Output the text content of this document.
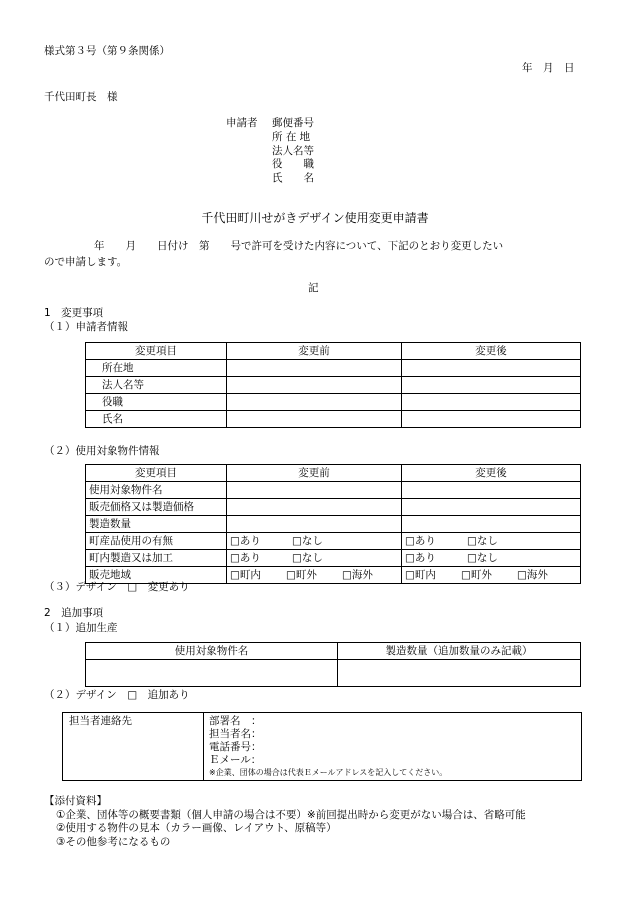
様式第３号（第９条関係）
年　月　日
千代田町長　様
申請者 郵便番号
所 在 地
法人名等
役　　職
氏　　名
千代田町川せがきデザイン使用変更申請書
年　　月　　日付け　第　　号で許可を受けた内容について、下記のとおり変更したい
ので申請します。
記
1　変更事項
（１）申請者情報
変更項目	変更前	変更後
所在地		
法人名等		
役職		
氏名		
（２）使用対象物件情報
変更項目	変更前	変更後
使用対象物件名		
販売価格又は製造価格		
製造数量		
町産品使用の有無	□あり □なし	□あり □なし
町内製造又は加工	□あり □なし	□あり □なし
販売地域	□町内 □町外 □海外	□町内 □町外 □海外
（３）デザイン　□　変更あり
2　追加事項
（１）追加生産
使用対象物件名	製造数量（追加数量のみ記載）

（２）デザイン　□　追加あり
担当者連絡先	部署名　：
担当者名：
電話番号：
Ｅメール：
※企業、団体の場合は代表Ｅメールアドレスを記入してください。
【添付資料】
①企業、団体等の概要書類（個人申請の場合は不要）※前回提出時から変更がない場合は、省略可能
②使用する物件の見本（カラー画像、レイアウト、原稿等）
③その他参考になるもの
